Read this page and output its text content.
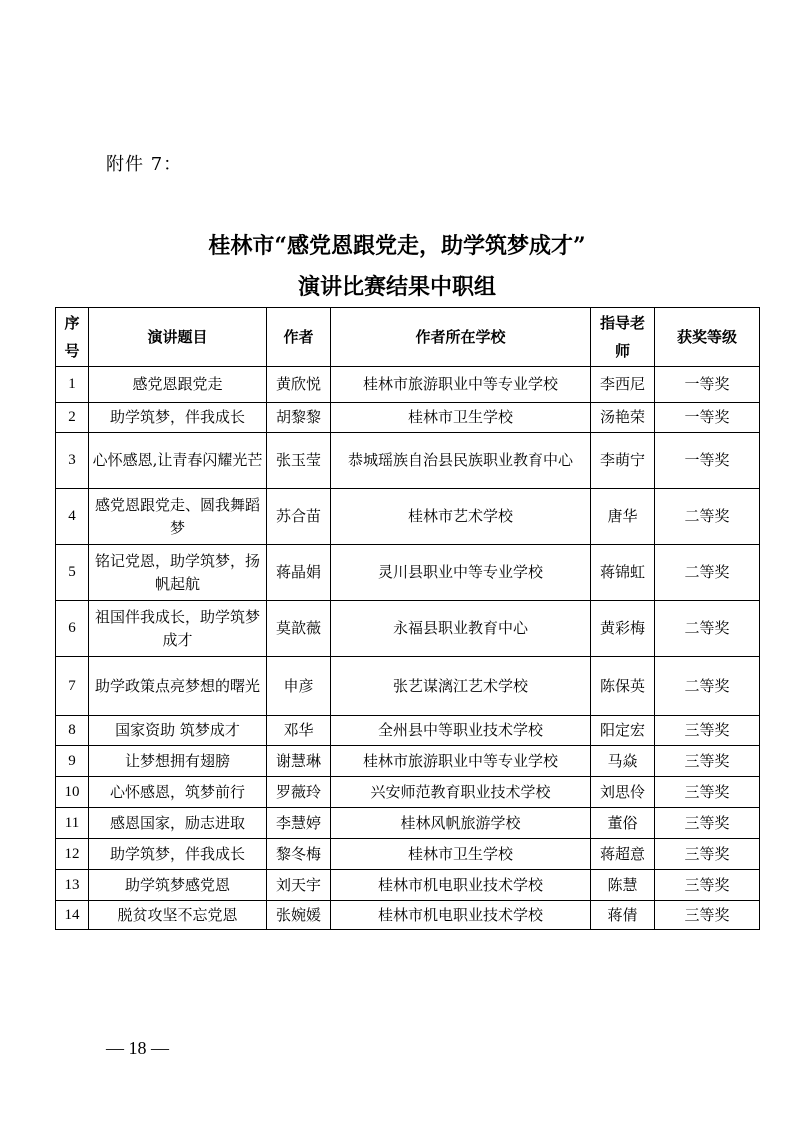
附件 7：
桂林市“感党恩跟党走，助学筑梦成才”
演讲比赛结果中职组
序号	演讲题目	作者	作者所在学校	指导老师	获奖等级
1	感党恩跟党走	黄欣悦	桂林市旅游职业中等专业学校	李西尼	一等奖
2	助学筑梦，伴我成长	胡黎黎	桂林市卫生学校	汤艳荣	一等奖
3	心怀感恩,让青春闪耀光芒	张玉莹	恭城瑶族自治县民族职业教育中心	李萌宁	一等奖
4	感党恩跟党走、圆我舞蹈梦	苏合苗	桂林市艺术学校	唐华	二等奖
5	铭记党恩，助学筑梦，扬帆起航	蒋晶娟	灵川县职业中等专业学校	蒋锦虹	二等奖
6	祖国伴我成长，助学筑梦成才	莫歆薇	永福县职业教育中心	黄彩梅	二等奖
7	助学政策点亮梦想的曙光	申彦	张艺谋漓江艺术学校	陈保英	二等奖
8	国家资助 筑梦成才	邓华	全州县中等职业技术学校	阳定宏	三等奖
9	让梦想拥有翅膀	谢慧琳	桂林市旅游职业中等专业学校	马焱	三等奖
10	心怀感恩，筑梦前行	罗薇玲	兴安师范教育职业技术学校	刘思伶	三等奖
11	感恩国家，励志进取	李慧婷	桂林风帆旅游学校	董俗	三等奖
12	助学筑梦，伴我成长	黎冬梅	桂林市卫生学校	蒋超意	三等奖
13	助学筑梦感党恩	刘天宇	桂林市机电职业技术学校	陈慧	三等奖
14	脱贫攻坚不忘党恩	张婉媛	桂林市机电职业技术学校	蒋倩	三等奖
— 18 —
